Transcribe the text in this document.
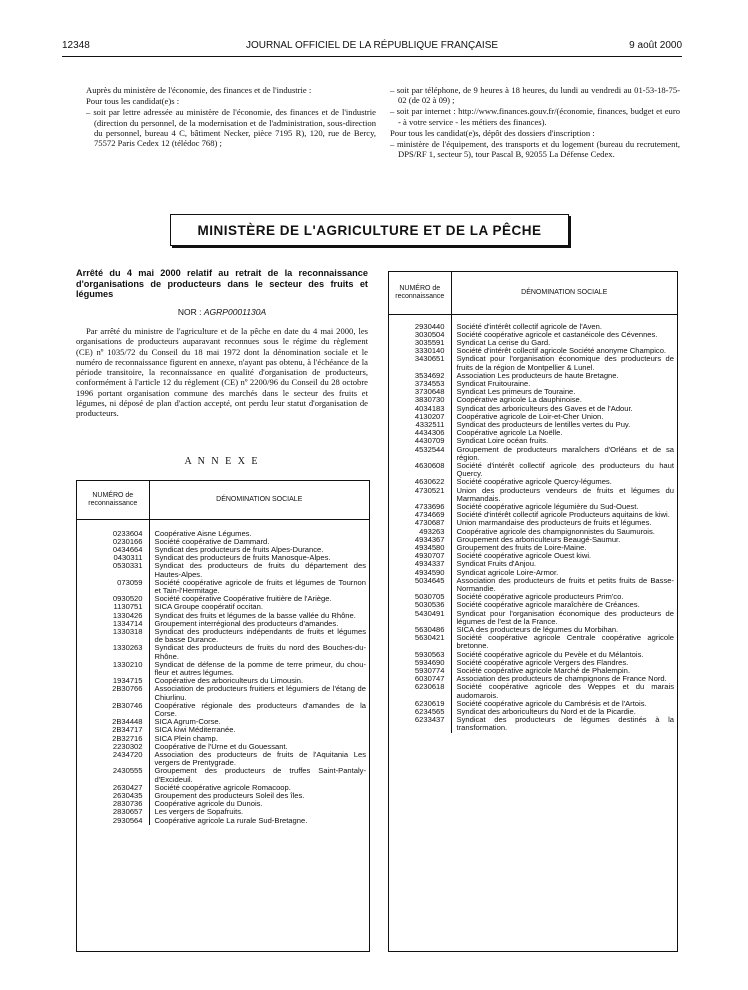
12348	JOURNAL OFFICIEL DE LA RÉPUBLIQUE FRANÇAISE	9 août 2000

Auprès du ministère de l'économie, des finances et de l'industrie :

Pour tous les candidat(e)s :

– soit par lettre adressée au ministère de l'économie, des finances et de l'industrie (direction du personnel, de la modernisation et de l'administration, sous-direction du personnel, bureau 4 C, bâtiment Necker, pièce 7195 R), 120, rue de Bercy, 75572 Paris Cedex 12 (télédoc 768) ;

– soit par téléphone, de 9 heures à 18 heures, du lundi au vendredi au 01-53-18-75-02 (de 02 à 09) ;

– soit par internet : http://www.finances.gouv.fr/(économie, finances, budget et euro - à votre service - les métiers des finances).

Pour tous les candidat(e)s, dépôt des dossiers d'inscription :

– ministère de l'équipement, des transports et du logement (bureau du recrutement, DPS/RF 1, secteur 5), tour Pascal B, 92055 La Défense Cedex.

MINISTÈRE DE L'AGRICULTURE ET DE LA PÊCHE
Arrêté du 4 mai 2000 relatif au retrait de la reconnaissance d'organisations de producteurs dans le secteur des fruits et légumes
NOR : AGRP0001130A
Par arrêté du ministre de l'agriculture et de la pêche en date du 4 mai 2000, les organisations de producteurs auparavant reconnues sous le régime du règlement (CE) nº 1035/72 du Conseil du 18 mai 1972 dont la dénomination sociale et le numéro de reconnaissance figurent en annexe, n'ayant pas obtenu, à l'échéance de la période transitoire, la reconnaissance en qualité d'organisation de producteurs, conformément à l'article 12 du règlement (CE) nº 2200/96 du Conseil du 28 octobre 1996 portant organisation commune des marchés dans le secteur des fruits et légumes, ni déposé de plan d'action accepté, ont perdu leur statut d'organisation de producteurs.
A N N E X E
NUMÉRO de reconnaissance	DÉNOMINATION SOCIALE
0233604	Coopérative Aisne Légumes.
0230166	Société coopérative de Dammard.
0434664	Syndicat des producteurs de fruits Alpes-Durance.
0430311	Syndicat des producteurs de fruits Manosque-Alpes.
0530331	Syndicat des producteurs de fruits du département des Hautes-Alpes.
073059	Société coopérative agricole de fruits et légumes de Tournon et Tain-l'Hermitage.
0930520	Société coopérative Coopérative fruitière de l'Ariège.
1130751	SICA Groupe coopératif occitan.
1330426	Syndicat des fruits et légumes de la basse vallée du Rhône.
1334714	Groupement interrégional des producteurs d'amandes.
1330318	Syndicat des producteurs indépendants de fruits et légumes de basse Durance.
1330263	Syndicat des producteurs de fruits du nord des Bouches-du-Rhône.
1330210	Syndicat de défense de la pomme de terre primeur, du chou-fleur et autres légumes.
1934715	Coopérative des arboriculteurs du Limousin.
2B30766	Association de producteurs fruitiers et légumiers de l'étang de Chiurlinu.
2B30746	Coopérative régionale des producteurs d'amandes de la Corse.
2B34448	SICA Agrum-Corse.
2B34717	SICA kiwi Méditerranée.
2B32716	SICA Plein champ.
2230302	Coopérative de l'Urne et du Gouessant.
2434720	Association des producteurs de fruits de l'Aquitania Les vergers de Prentygrade.
2430555	Groupement des producteurs de truffes Saint-Pantaly-d'Excideuil.
2630427	Société coopérative agricole Romacoop.
2630435	Groupement des producteurs Soleil des îles.
2830736	Coopérative agricole du Dunois.
2830657	Les vergers de Sopafruits.
2930564	Coopérative agricole La rurale Sud-Bretagne.
NUMÉRO de reconnaissance	DÉNOMINATION SOCIALE
2930440	Société d'intérêt collectif agricole de l'Aven.
3030504	Société coopérative agricole et castanéicole des Cévennes.
3035591	Syndicat La cerise du Gard.
3330140	Société d'intérêt collectif agricole Société anonyme Champico.
3430651	Syndicat pour l'organisation économique des producteurs de fruits de la région de Montpellier & Lunel.
3534692	Association Les producteurs de haute Bretagne.
3734553	Syndicat Fruitouraine.
3730648	Syndicat Les primeurs de Touraine.
3830730	Coopérative agricole La dauphinoise.
4034183	Syndicat des arboriculteurs des Gaves et de l'Adour.
4130207	Coopérative agricole de Loir-et-Cher Union.
4332511	Syndicat des producteurs de lentilles vertes du Puy.
4434306	Coopérative agricole La Noëlle.
4430709	Syndicat Loire océan fruits.
4532544	Groupement de producteurs maraîchers d'Orléans et de sa région.
4630608	Société d'intérêt collectif agricole des producteurs du haut Quercy.
4630622	Société coopérative agricole Quercy-légumes.
4730521	Union des producteurs vendeurs de fruits et légumes du Marmandais.
4733696	Société coopérative agricole légumière du Sud-Ouest.
4734669	Société d'intérêt collectif agricole Producteurs aquitains de kiwi.
4730687	Union marmandaise des producteurs de fruits et légumes.
493263	Coopérative agricole des champignonnistes du Saumurois.
4934367	Groupement des arboriculteurs Beaugé-Saumur.
4934580	Groupement des fruits de Loire-Maine.
4930707	Société coopérative agricole Ouest kiwi.
4934337	Syndicat Fruits d'Anjou.
4934590	Syndicat agricole Loire-Armor.
5034645	Association des producteurs de fruits et petits fruits de Basse-Normandie.
5030705	Société coopérative agricole producteurs Prim'co.
5030536	Société coopérative agricole maraîchère de Créances.
5430491	Syndicat pour l'organisation économique des producteurs de légumes de l'est de la France.
5630486	SICA des producteurs de légumes du Morbihan.
5630421	Société coopérative agricole Centrale coopérative agricole bretonne.
5930563	Société coopérative agricole du Pevèle et du Mélantois.
5934690	Société coopérative agricole Vergers des Flandres.
5930774	Société coopérative agricole Marché de Phalempin.
6030747	Association des producteurs de champignons de France Nord.
6230618	Société coopérative agricole des Weppes et du marais audomarois.
6230619	Société coopérative agricole du Cambrésis et de l'Artois.
6234565	Syndicat des arboriculteurs du Nord et de la Picardie.
6233437	Syndicat des producteurs de légumes destinés à la transformation.
